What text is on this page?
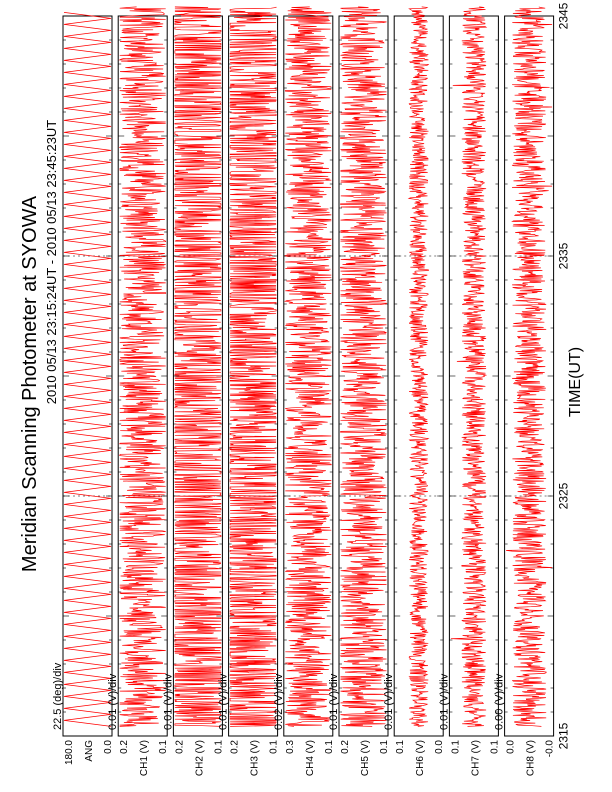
Meridian Scanning Photometer at SYOWA 2010 05/13 23:15:24UT - 2010 05/13 23:45:23UT
180.0	0.0
ANG
22.5 (deg)/div
0.2	0.1
CH1 (V)
0.01 (V)/div
0.2	0.1
CH2 (V)
0.01 (V)/div
0.2	0.1
CH3 (V)
0.01 (V)/div
0.3	0.1
CH4 (V)
0.02 (V)/div
0.2	0.1
CH5 (V)
0.01 (V)/div
0.1	0.0
CH6 (V)
0.01 (V)/div
0.1	0.1
CH7 (V)
0.01 (V)/div
0.0	-0.0
CH8 (V)
0.00 (V)/div
2315
2325
2335
2345
TIME(UT)
